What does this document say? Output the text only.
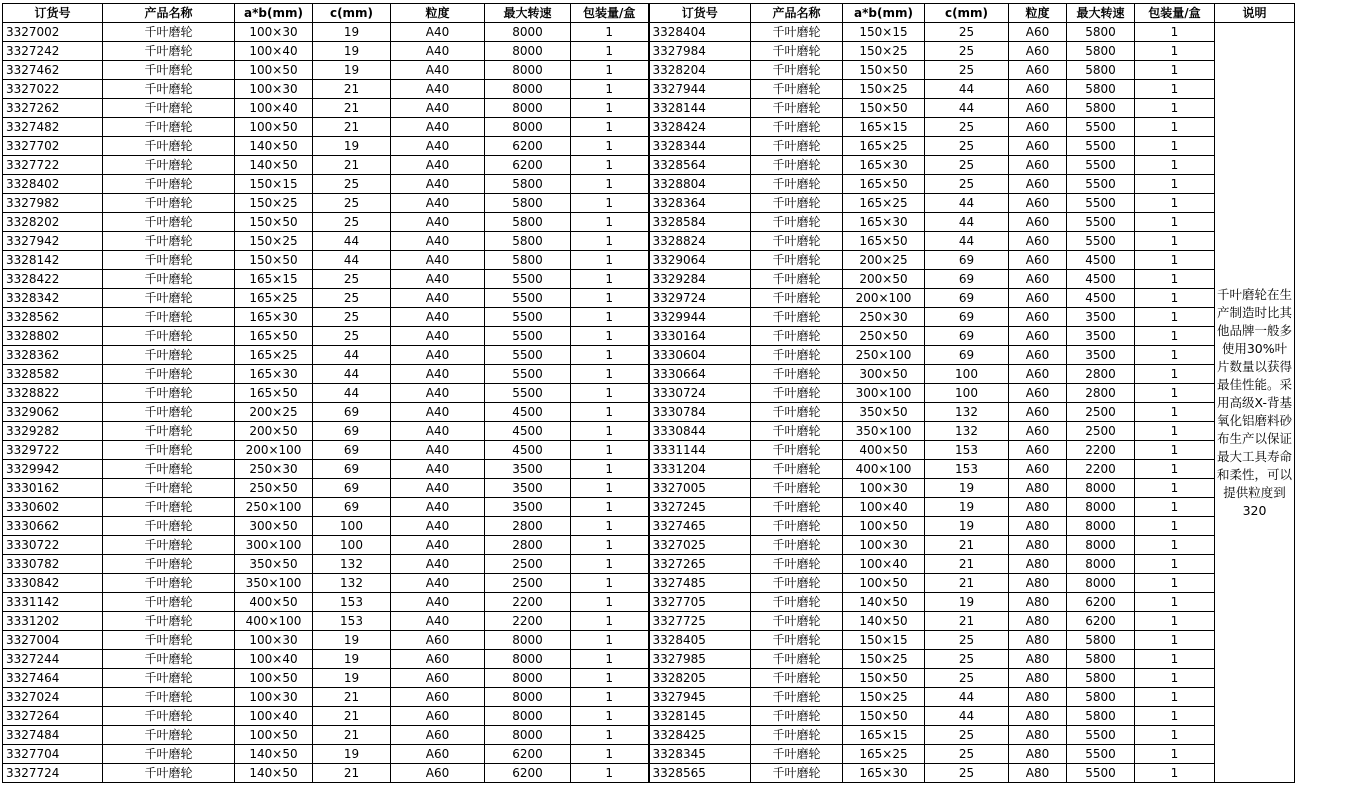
订货号	产品名称	a*b(mm)	c(mm)	粒度	最大转速	包装量/盒	订货号	产品名称	a*b(mm)	c(mm)	粒度	最大转速	包装量/盒	说明
3327002	千叶磨轮	100×30	19	A40	8000	1	3328404	千叶磨轮	150×15	25	A60	5800	1	千叶磨轮在生产制造时比其他品牌一般多使用30%叶片数量以获得最佳性能。采用高级X-背基氧化铝磨料砂布生产以保证最大工具寿命和柔性，可以提供粒度到320
3327242	千叶磨轮	100×40	19	A40	8000	1	3327984	千叶磨轮	150×25	25	A60	5800	1	
3327462	千叶磨轮	100×50	19	A40	8000	1	3328204	千叶磨轮	150×50	25	A60	5800	1	
3327022	千叶磨轮	100×30	21	A40	8000	1	3327944	千叶磨轮	150×25	44	A60	5800	1	
3327262	千叶磨轮	100×40	21	A40	8000	1	3328144	千叶磨轮	150×50	44	A60	5800	1	
3327482	千叶磨轮	100×50	21	A40	8000	1	3328424	千叶磨轮	165×15	25	A60	5500	1	
3327702	千叶磨轮	140×50	19	A40	6200	1	3328344	千叶磨轮	165×25	25	A60	5500	1	
3327722	千叶磨轮	140×50	21	A40	6200	1	3328564	千叶磨轮	165×30	25	A60	5500	1	
3328402	千叶磨轮	150×15	25	A40	5800	1	3328804	千叶磨轮	165×50	25	A60	5500	1	
3327982	千叶磨轮	150×25	25	A40	5800	1	3328364	千叶磨轮	165×25	44	A60	5500	1	
3328202	千叶磨轮	150×50	25	A40	5800	1	3328584	千叶磨轮	165×30	44	A60	5500	1	
3327942	千叶磨轮	150×25	44	A40	5800	1	3328824	千叶磨轮	165×50	44	A60	5500	1	
3328142	千叶磨轮	150×50	44	A40	5800	1	3329064	千叶磨轮	200×25	69	A60	4500	1	
3328422	千叶磨轮	165×15	25	A40	5500	1	3329284	千叶磨轮	200×50	69	A60	4500	1	
3328342	千叶磨轮	165×25	25	A40	5500	1	3329724	千叶磨轮	200×100	69	A60	4500	1	
3328562	千叶磨轮	165×30	25	A40	5500	1	3329944	千叶磨轮	250×30	69	A60	3500	1	
3328802	千叶磨轮	165×50	25	A40	5500	1	3330164	千叶磨轮	250×50	69	A60	3500	1	
3328362	千叶磨轮	165×25	44	A40	5500	1	3330604	千叶磨轮	250×100	69	A60	3500	1	
3328582	千叶磨轮	165×30	44	A40	5500	1	3330664	千叶磨轮	300×50	100	A60	2800	1	
3328822	千叶磨轮	165×50	44	A40	5500	1	3330724	千叶磨轮	300×100	100	A60	2800	1	
3329062	千叶磨轮	200×25	69	A40	4500	1	3330784	千叶磨轮	350×50	132	A60	2500	1	
3329282	千叶磨轮	200×50	69	A40	4500	1	3330844	千叶磨轮	350×100	132	A60	2500	1	
3329722	千叶磨轮	200×100	69	A40	4500	1	3331144	千叶磨轮	400×50	153	A60	2200	1	
3329942	千叶磨轮	250×30	69	A40	3500	1	3331204	千叶磨轮	400×100	153	A60	2200	1	
3330162	千叶磨轮	250×50	69	A40	3500	1	3327005	千叶磨轮	100×30	19	A80	8000	1	
3330602	千叶磨轮	250×100	69	A40	3500	1	3327245	千叶磨轮	100×40	19	A80	8000	1	
3330662	千叶磨轮	300×50	100	A40	2800	1	3327465	千叶磨轮	100×50	19	A80	8000	1	
3330722	千叶磨轮	300×100	100	A40	2800	1	3327025	千叶磨轮	100×30	21	A80	8000	1	
3330782	千叶磨轮	350×50	132	A40	2500	1	3327265	千叶磨轮	100×40	21	A80	8000	1	
3330842	千叶磨轮	350×100	132	A40	2500	1	3327485	千叶磨轮	100×50	21	A80	8000	1	
3331142	千叶磨轮	400×50	153	A40	2200	1	3327705	千叶磨轮	140×50	19	A80	6200	1	
3331202	千叶磨轮	400×100	153	A40	2200	1	3327725	千叶磨轮	140×50	21	A80	6200	1	
3327004	千叶磨轮	100×30	19	A60	8000	1	3328405	千叶磨轮	150×15	25	A80	5800	1	
3327244	千叶磨轮	100×40	19	A60	8000	1	3327985	千叶磨轮	150×25	25	A80	5800	1	
3327464	千叶磨轮	100×50	19	A60	8000	1	3328205	千叶磨轮	150×50	25	A80	5800	1	
3327024	千叶磨轮	100×30	21	A60	8000	1	3327945	千叶磨轮	150×25	44	A80	5800	1	
3327264	千叶磨轮	100×40	21	A60	8000	1	3328145	千叶磨轮	150×50	44	A80	5800	1	
3327484	千叶磨轮	100×50	21	A60	8000	1	3328425	千叶磨轮	165×15	25	A80	5500	1	
3327704	千叶磨轮	140×50	19	A60	6200	1	3328345	千叶磨轮	165×25	25	A80	5500	1	
3327724	千叶磨轮	140×50	21	A60	6200	1	3328565	千叶磨轮	165×30	25	A80	5500	1	
